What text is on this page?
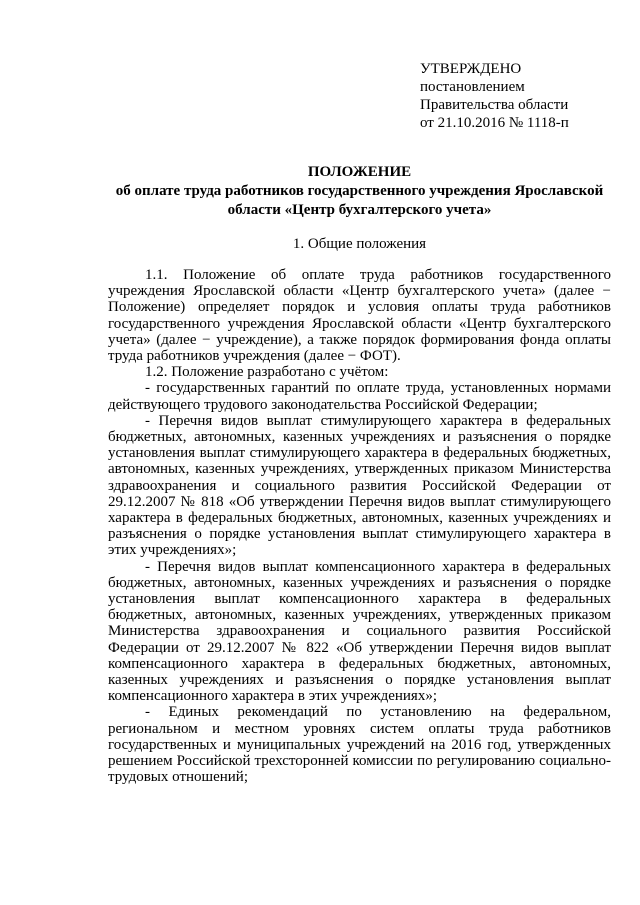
УТВЕРЖДЕНО
постановлением
Правительства области
от 21.10.2016 № 1118-п
ПОЛОЖЕНИЕ
об оплате труда работников государственного учреждения Ярославской
области «Центр бухгалтерского учета»
1. Общие положения

1.1. Положение об оплате труда работников государственного учреждения Ярославской области «Центр бухгалтерского учета» (далее − Положение) определяет порядок и условия оплаты труда работников государственного учреждения Ярославской области «Центр бухгалтерского учета» (далее − учреждение), а также порядок формирования фонда оплаты труда работников учреждения (далее − ФОТ).

1.2. Положение разработано с учётом:

- государственных гарантий по оплате труда, установленных нормами действующего трудового законодательства Российской Федерации;

- Перечня видов выплат стимулирующего характера в федеральных бюджетных, автономных, казенных учреждениях и разъяснения о порядке установления выплат стимулирующего характера в федеральных бюджетных, автономных, казенных учреждениях, утвержденных приказом Министерства здравоохранения и социального развития Российской Федерации от 29.12.2007 № 818 «Об утверждении Перечня видов выплат стимулирующего характера в федеральных бюджетных, автономных, казенных учреждениях и разъяснения о порядке установления выплат стимулирующего характера в этих учреждениях»;

- Перечня видов выплат компенсационного характера в федеральных бюджетных, автономных, казенных учреждениях и разъяснения о порядке установления выплат компенсационного характера в федеральных бюджетных, автономных, казенных учреждениях, утвержденных приказом Министерства здравоохранения и социального развития Российской Федерации от 29.12.2007 № 822 «Об утверждении Перечня видов выплат компенсационного характера в федеральных бюджетных, автономных, казенных учреждениях и разъяснения о порядке установления выплат компенсационного характера в этих учреждениях»;

- Единых рекомендаций по установлению на федеральном, региональном и местном уровнях систем оплаты труда работников государственных и муниципальных учреждений на 2016 год, утвержденных решением Российской трехсторонней комиссии по регулированию социально-трудовых отношений;
